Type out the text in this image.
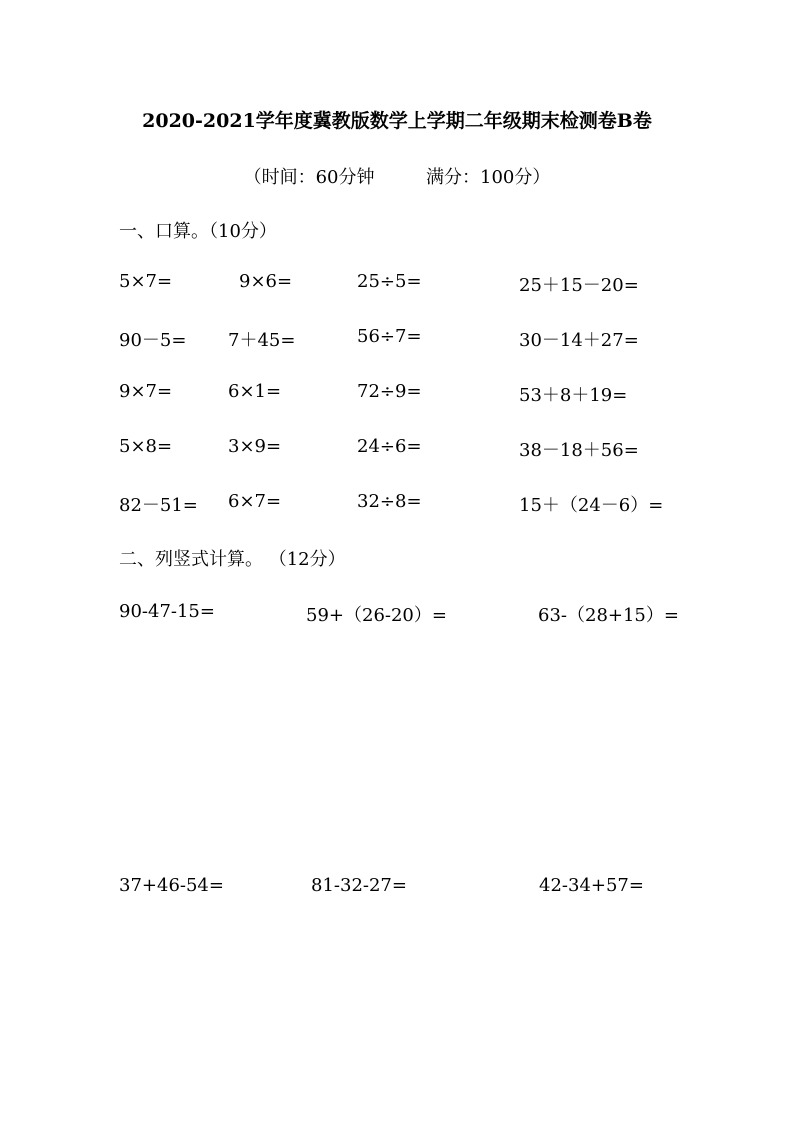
2020-2021学年度冀教版数学上学期二年级期末检测卷B卷
（时间：60分钟         满分：100分）
一、口算。（10分）
5×7=	9×6=	25÷5=	25＋15－20=
90－5= 7＋45=	56÷7=	30－14＋27=
9×7=	6×1=	72÷9=	53＋8＋19=
5×8=	3×9=	24÷6=	38－18＋56=
82－51= 6×7=	32÷8=	15＋（24－6）=
二、列竖式计算。 （12分）
90-47-15=	59+（26-20）=	63-（28+15）=
37+46-54=	81-32-27=	42-34+57=
